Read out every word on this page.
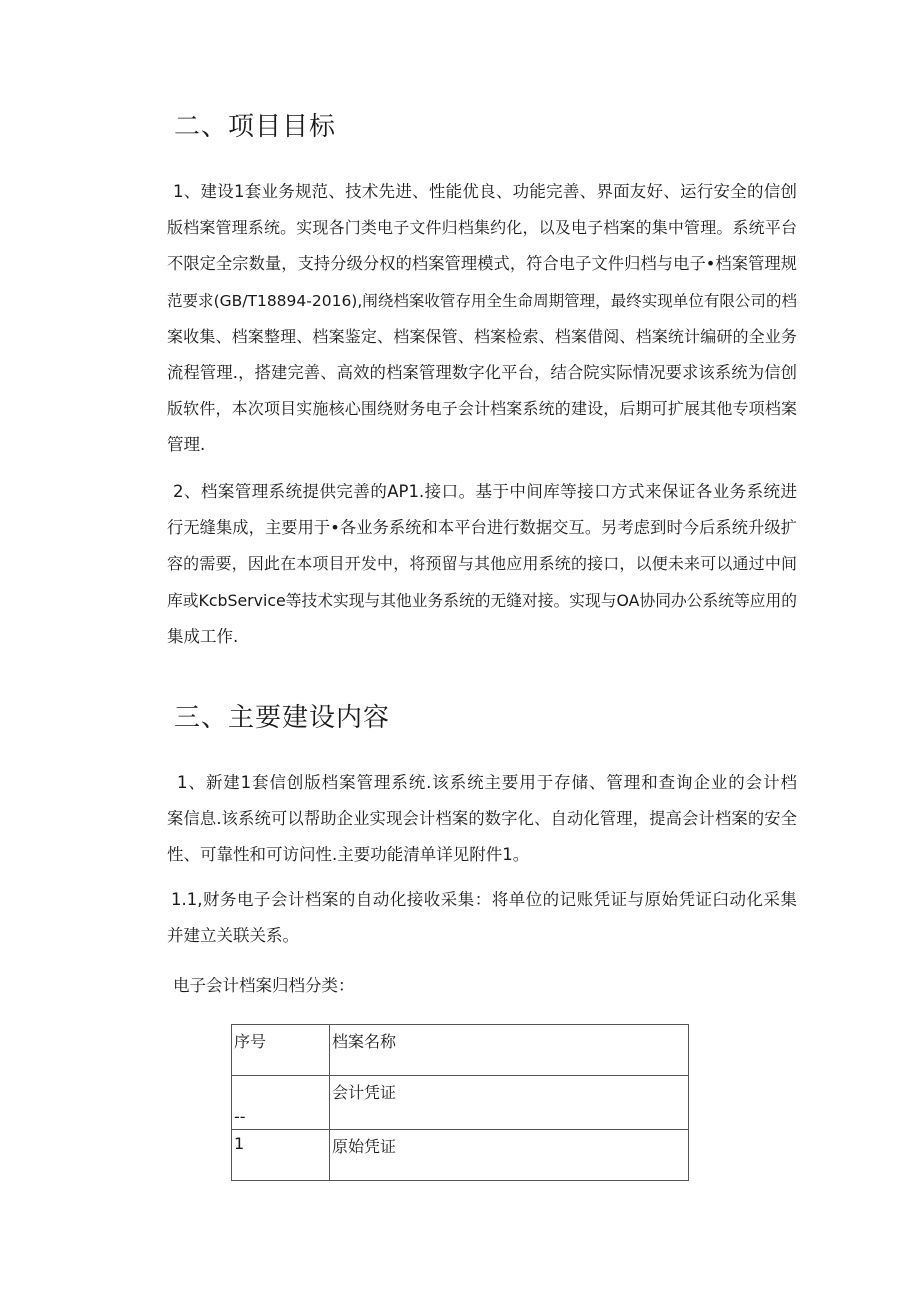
二、项目目标
1、建设1套业务规范、技术先进、性能优良、功能完善、界面友好、运行安全的信创
版档案管理系统。实现各门类电子文件归档集约化，以及电子档案的集中管理。系统平台
不限定全宗数量，支持分级分权的档案管理模式，符合电子文件归档与电子•档案管理规
范要求(GB/T18894-2016),闱绕档案收管存用全生命周期管理，最终实现单位有限公司的档
案收集、档案整理、档案鉴定、档案保管、档案检索、档案借阅、档案统计编研的全业务
流程管理.，搭建完善、高效的档案管理数字化平台，结合院实际情况要求该系统为信创
版软件，本次项目实施核心围绕财务电子会计档案系统的建设，后期可扩展其他专项档案
管理.
2、档案管理系统提供完善的AP1.接口。基于中间库等接口方式来保证各业务系统进
行无缝集成，主要用于•各业务系统和本平台进行数据交互。另考虑到时今后系统升级扩
容的需要，因此在本项目开发中，将预留与其他应用系统的接口，以便未来可以通过中间
库或KcbService等技术实现与其他业务系统的无缝对接。实现与OA协同办公系统等应用的
集成工作.
三、主要建设内容
1、新建1套信创版档案管理系统.该系统主要用于存储、管理和查询企业的会计档
案信息.该系统可以帮助企业实现会计档案的数字化、自动化管理，提高会计档案的安全
性、可靠性和可访问性.主要功能清单详见附件1。
1.1,财务电子会计档案的自动化接收采集：将单位的记账凭证与原始凭证臼动化采集
并建立关联关系。
电子会计档案归档分类：
序号	档案名称
--	会计凭证
1	原始凭证
